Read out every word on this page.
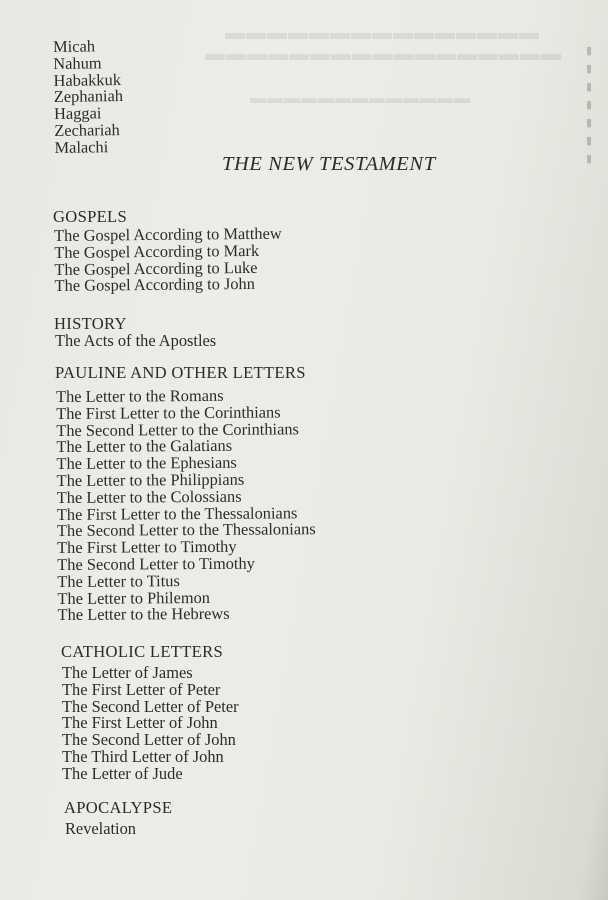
▬▬▬▬▬▬▬▬▬▬▬▬▬▬▬
▬▬▬▬▬▬▬▬▬▬▬▬▬▬▬▬▬
▬▬▬▬▬▬▬▬▬▬▬▬▬
▮
▮
▮
▮
▮
▮
▮
Micah
Nahum
Habakkuk
Zephaniah
Haggai
Zechariah
Malachi
THE NEW TESTAMENT
GOSPELS
The Gospel According to Matthew
The Gospel According to Mark
The Gospel According to Luke
The Gospel According to John
HISTORY
The Acts of the Apostles
PAULINE AND OTHER LETTERS
The Letter to the Romans
The First Letter to the Corinthians
The Second Letter to the Corinthians
The Letter to the Galatians
The Letter to the Ephesians
The Letter to the Philippians
The Letter to the Colossians
The First Letter to the Thessalonians
The Second Letter to the Thessalonians
The First Letter to Timothy
The Second Letter to Timothy
The Letter to Titus
The Letter to Philemon
The Letter to the Hebrews
CATHOLIC LETTERS
The Letter of James
The First Letter of Peter
The Second Letter of Peter
The First Letter of John
The Second Letter of John
The Third Letter of John
The Letter of Jude
APOCALYPSE
Revelation
